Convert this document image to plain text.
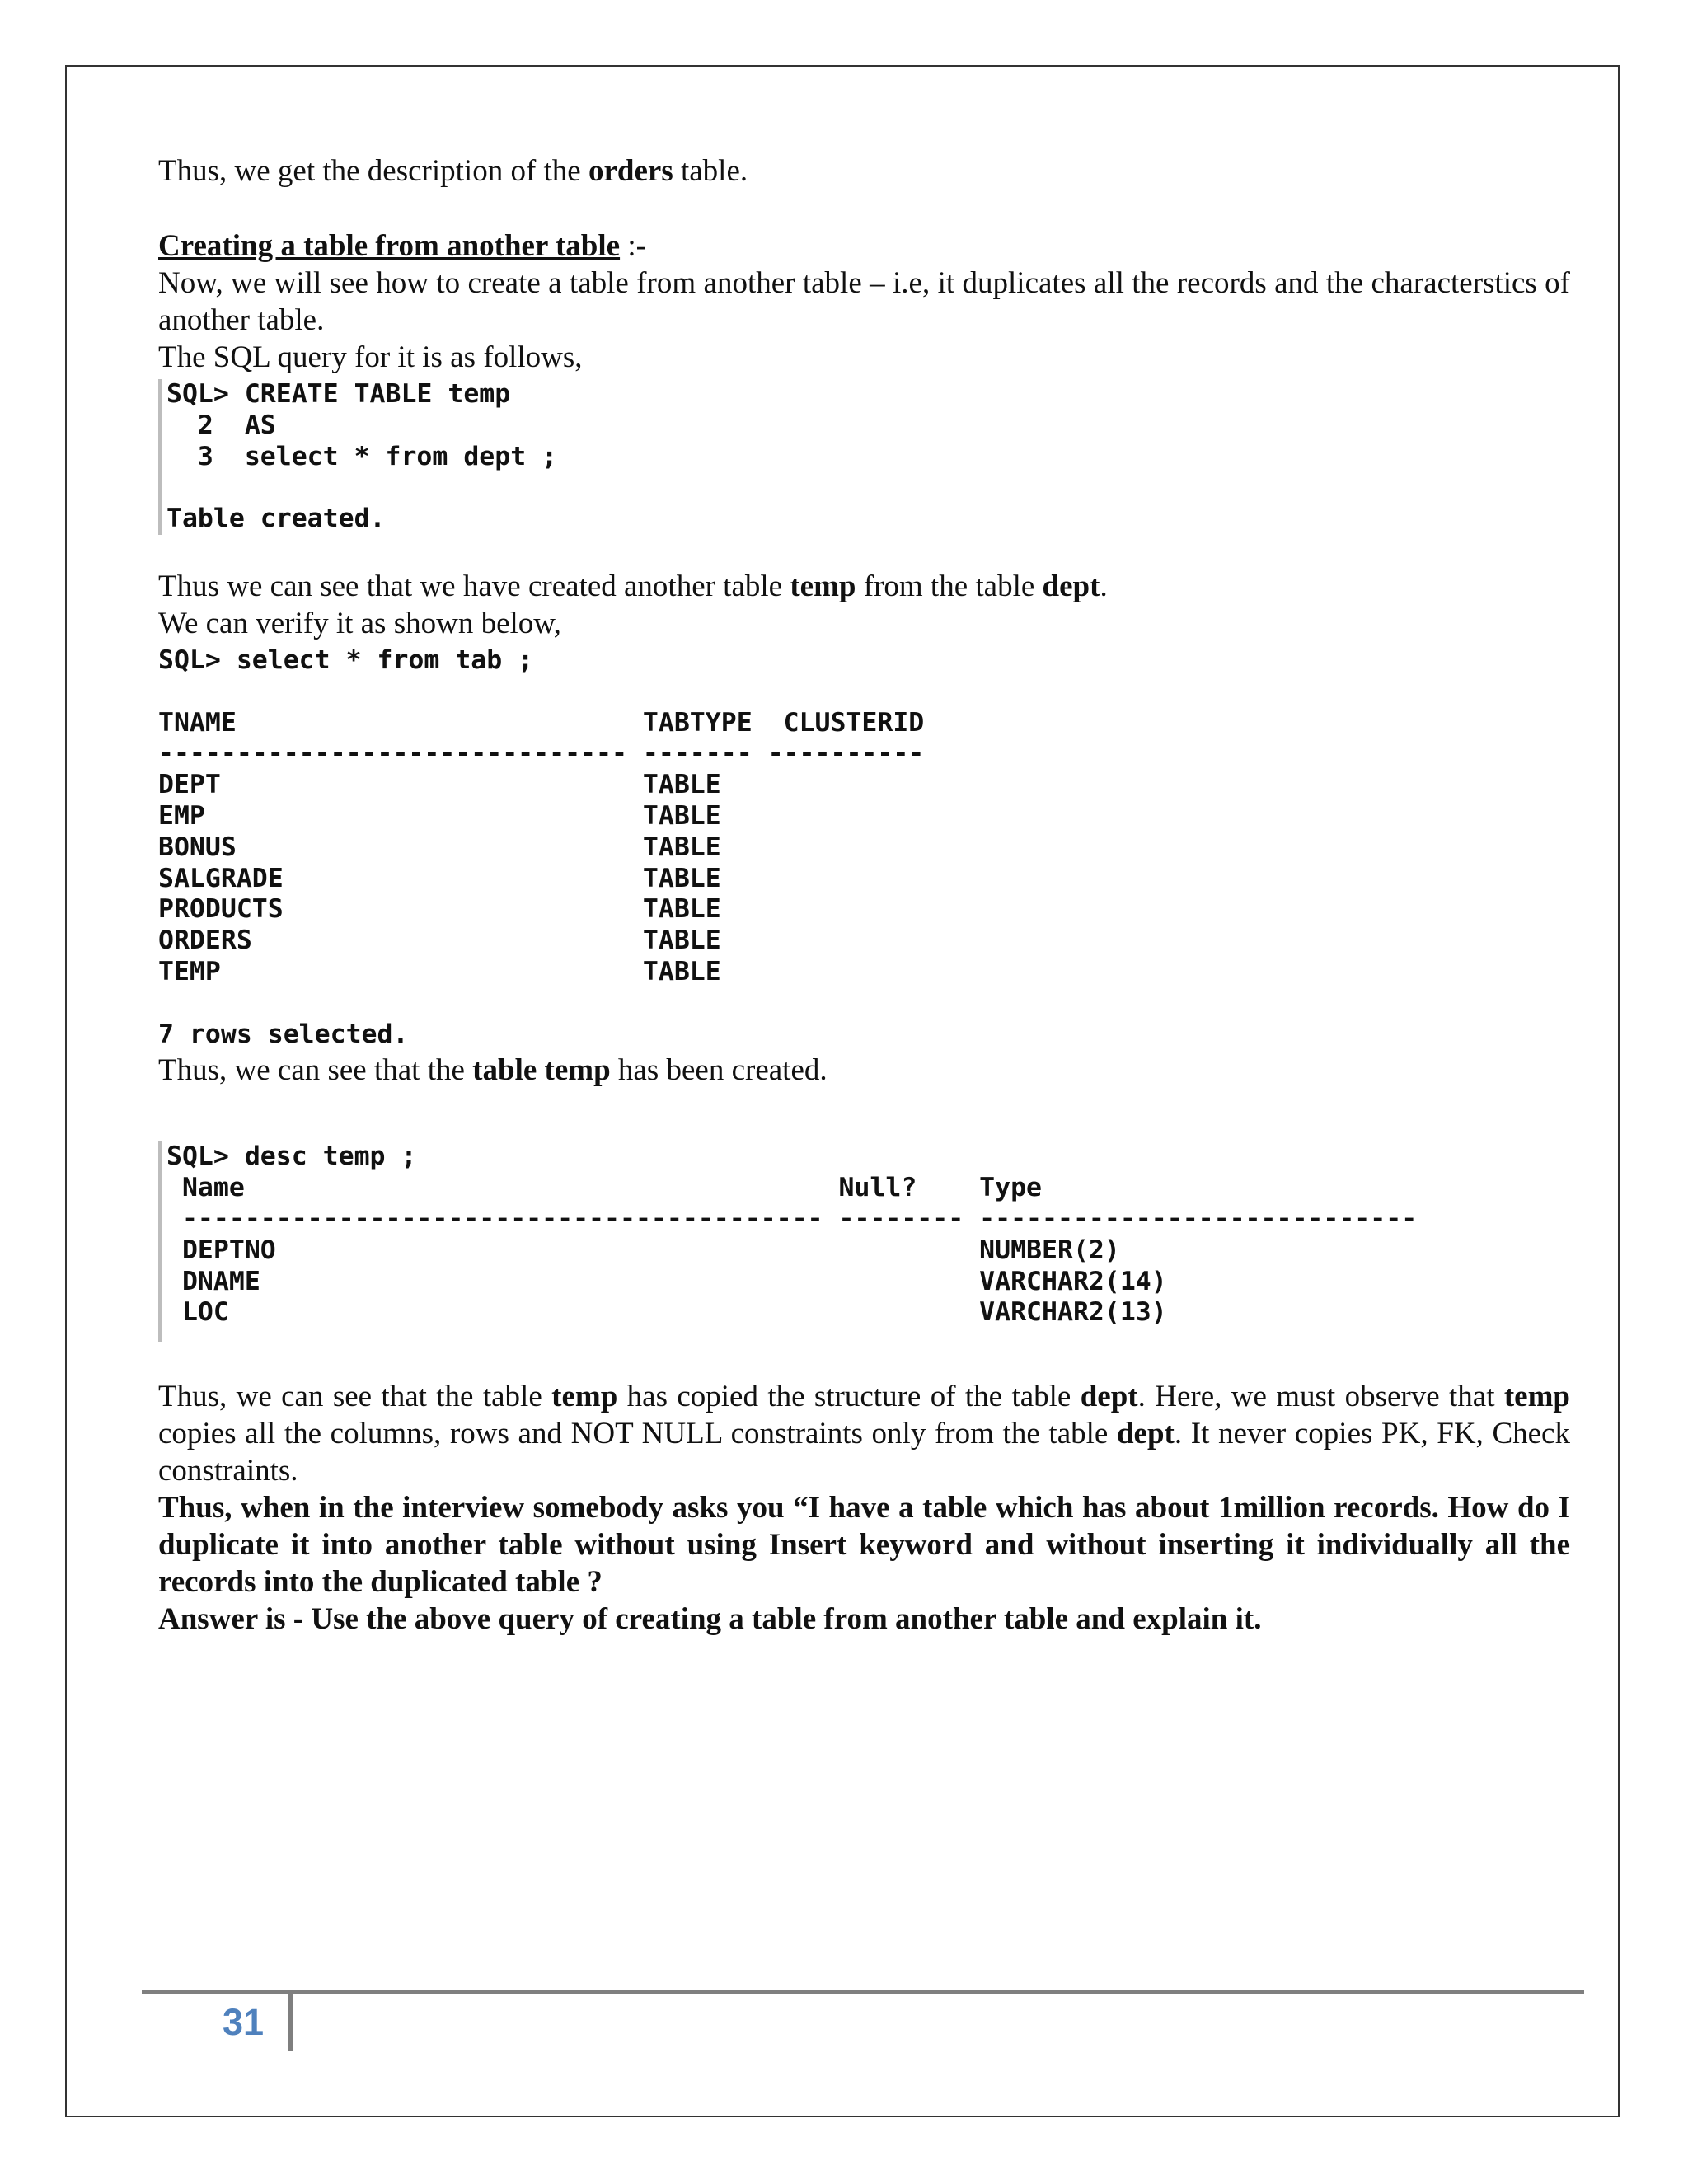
Thus, we get the description of the orders table.

Creating a table from another table :-

Now, we will see how to create a table from another table – i.e, it duplicates all the records and the characterstics of another table.

The SQL query for it is as follows,

SQL> CREATE TABLE temp
2  AS
3  select * from dept ;

Table created.

Thus we can see that we have created another table temp from the table dept.

We can verify it as shown below,

SQL> select * from tab ;

TNAME                          TABTYPE  CLUSTERID
------------------------------ ------- ----------
DEPT                           TABLE
EMP                            TABLE
BONUS                          TABLE
SALGRADE                       TABLE
PRODUCTS                       TABLE
ORDERS                         TABLE
TEMP                           TABLE

7 rows selected.

Thus, we can see that the table temp has been created.

SQL> desc temp ;
Name                                      Null?    Type
----------------------------------------- -------- ----------------------------
DEPTNO                                             NUMBER(2)
DNAME                                              VARCHAR2(14)
LOC                                                VARCHAR2(13)

Thus, we can see that the table temp has copied the structure of the table dept. Here, we must observe that temp copies all the columns, rows and NOT NULL constraints only from the table dept. It never copies PK, FK, Check constraints.

Thus, when in the interview somebody asks you “I have a table which has about 1million records. How do I duplicate it into another table without using Insert keyword and without inserting it individually all the records into the duplicated table ?

Answer is - Use the above query of creating a table from another table and explain it.

31
